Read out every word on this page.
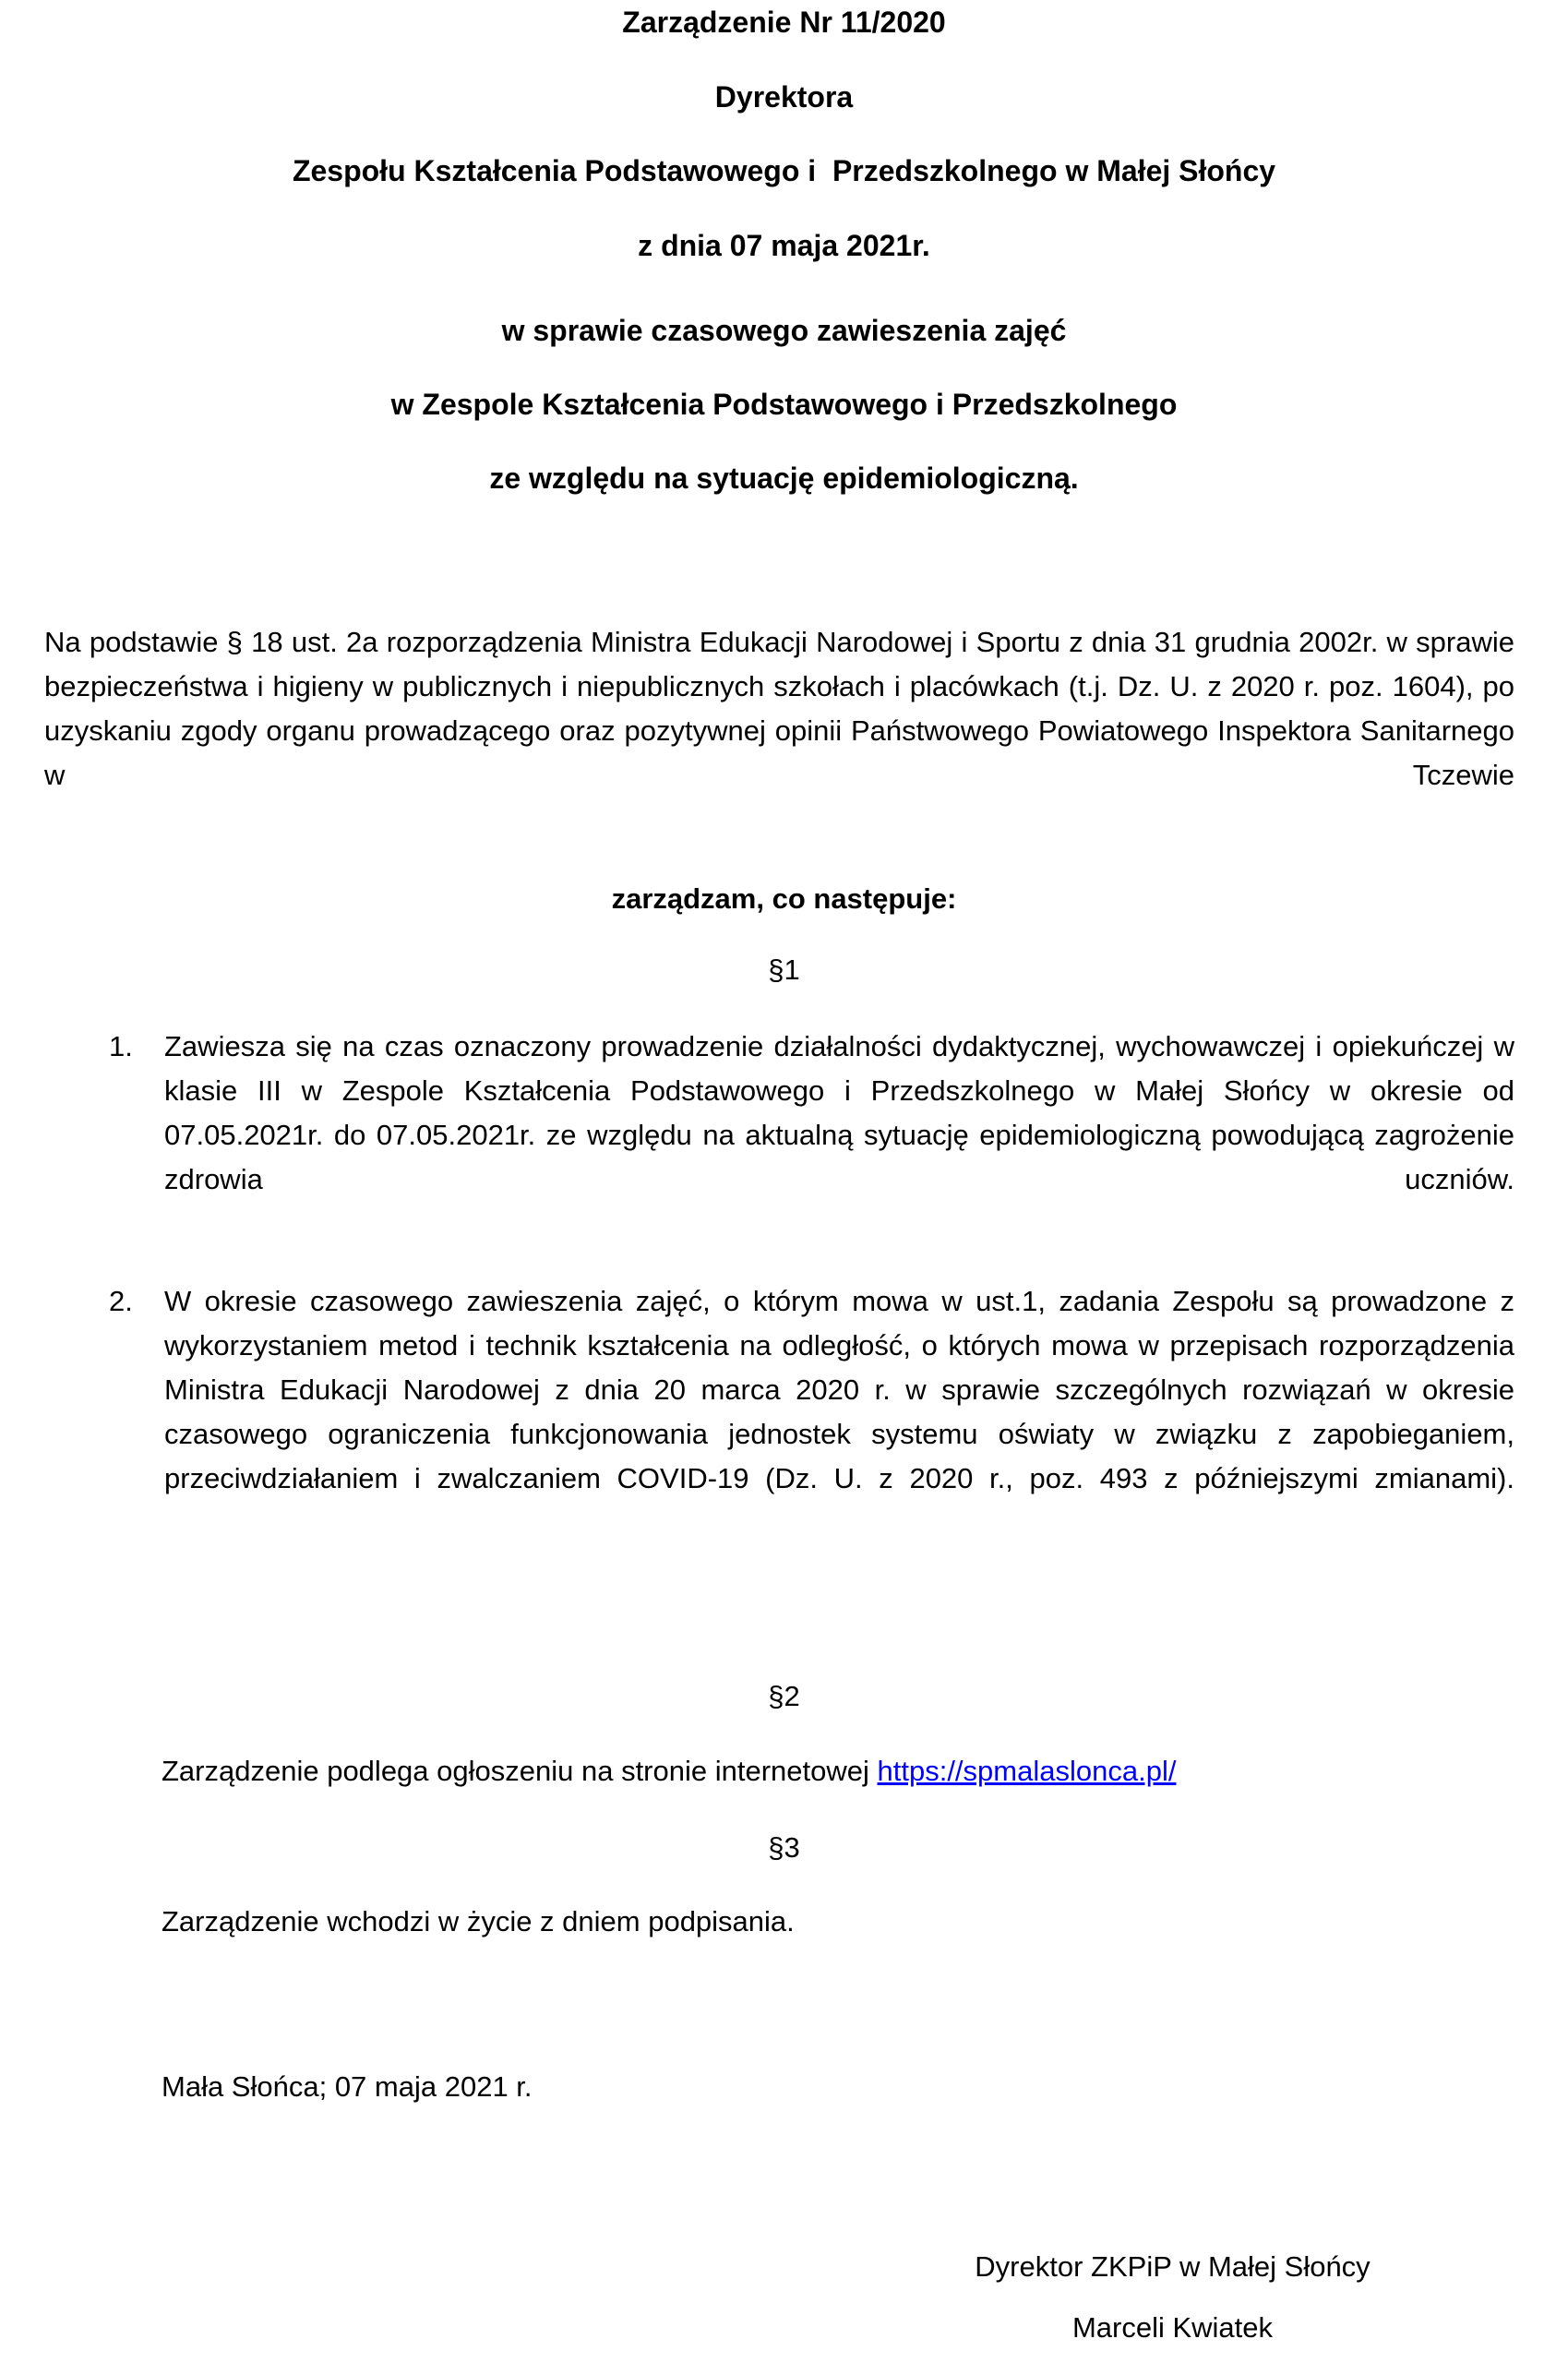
Zarządzenie Nr 11/2020

Dyrektora

Zespołu Kształcenia Podstawowego i  Przedszkolnego w Małej Słońcy

z dnia 07 maja 2021r.

w sprawie czasowego zawieszenia zajęć

w Zespole Kształcenia Podstawowego i Przedszkolnego

ze względu na sytuację epidemiologiczną.

Na podstawie § 18 ust. 2a rozporządzenia Ministra Edukacji Narodowej i Sportu z dnia 31 grudnia 2002r. w sprawie bezpieczeństwa i higieny w publicznych i niepublicznych szkołach i placówkach (t.j. Dz. U. z 2020 r. poz. 1604), po uzyskaniu zgody organu prowadzącego oraz pozytywnej opinii Państwowego Powiatowego Inspektora Sanitarnego w Tczewie

zarządzam, co następuje:

§1

1.	Zawiesza się na czas oznaczony prowadzenie działalności dydaktycznej, wychowawczej i opiekuńczej w klasie III w Zespole Kształcenia Podstawowego i Przedszkolnego w Małej Słońcy w okresie od 07.05.2021r. do 07.05.2021r. ze względu na aktualną sytuację epidemiologiczną powodującą zagrożenie zdrowia uczniów.
2.	W okresie czasowego zawieszenia zajęć, o którym mowa w ust.1, zadania Zespołu są prowadzone z wykorzystaniem metod i technik kształcenia na odległość, o których mowa w przepisach rozporządzenia Ministra Edukacji Narodowej z dnia 20 marca 2020 r. w sprawie szczególnych rozwiązań w okresie czasowego ograniczenia funkcjonowania jednostek systemu oświaty w związku z zapobieganiem, przeciwdziałaniem i zwalczaniem COVID-19 (Dz. U. z 2020 r., poz. 493 z późniejszymi zmianami).

§2

Zarządzenie podlega ogłoszeniu na stronie internetowej https://spmalaslonca.pl/

§3

Zarządzenie wchodzi w życie z dniem podpisania.

Mała Słońca; 07 maja 2021 r.

Dyrektor ZKPiP w Małej Słońcy

Marceli Kwiatek
